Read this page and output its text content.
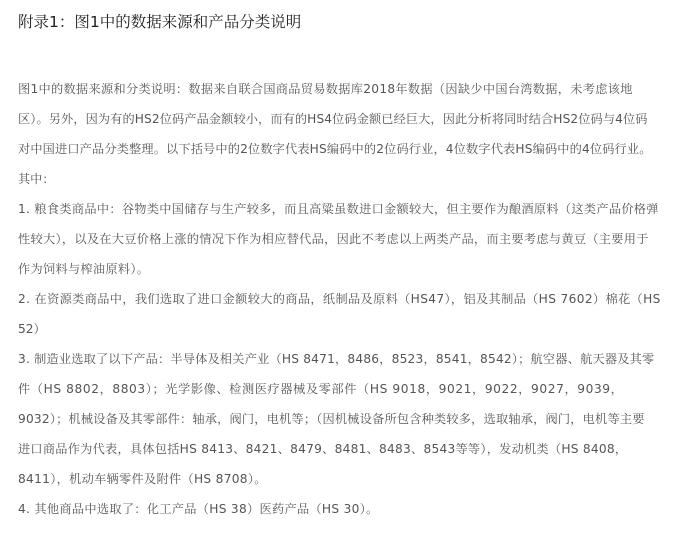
附录1：图1中的数据来源和产品分类说明
图1中的数据来源和分类说明：数据来自联合国商品贸易数据库2018年数据（因缺少中国台湾数据，未考虑该地
区）。另外，因为有的HS2位码产品金额较小，而有的HS4位码金额已经巨大，因此分析将同时结合HS2位码与4位码
对中国进口产品分类整理。以下括号中的2位数字代表HS编码中的2位码行业，4位数字代表HS编码中的4位码行业。
其中：
1. 粮食类商品中：谷物类中国储存与生产较多，而且高粱虽数进口金额较大，但主要作为酿酒原料（这类产品价格弹
性较大），以及在大豆价格上涨的情况下作为相应替代品，因此不考虑以上两类产品，而主要考虑与黄豆（主要用于
作为饲料与榨油原料）。
2. 在资源类商品中，我们选取了进口金额较大的商品，纸制品及原料（HS47），铝及其制品（HS 7602）棉花（HS
52）
3. 制造业选取了以下产品：半导体及相关产业（HS 8471，8486，8523，8541，8542）；航空器、航天器及其零
件（HS 8802，8803）；光学影像、检测医疗器械及零部件（HS 9018，9021，9022，9027，9039，
9032）；机械设备及其零部件：轴承，阀门，电机等；（因机械设备所包含种类较多，选取轴承，阀门，电机等主要
进口商品作为代表，具体包括HS 8413、8421、8479、8481、8483、8543等等），发动机类（HS 8408，
8411），机动车辆零件及附件（HS 8708）。
4. 其他商品中选取了：化工产品（HS 38）医药产品（HS 30）。
